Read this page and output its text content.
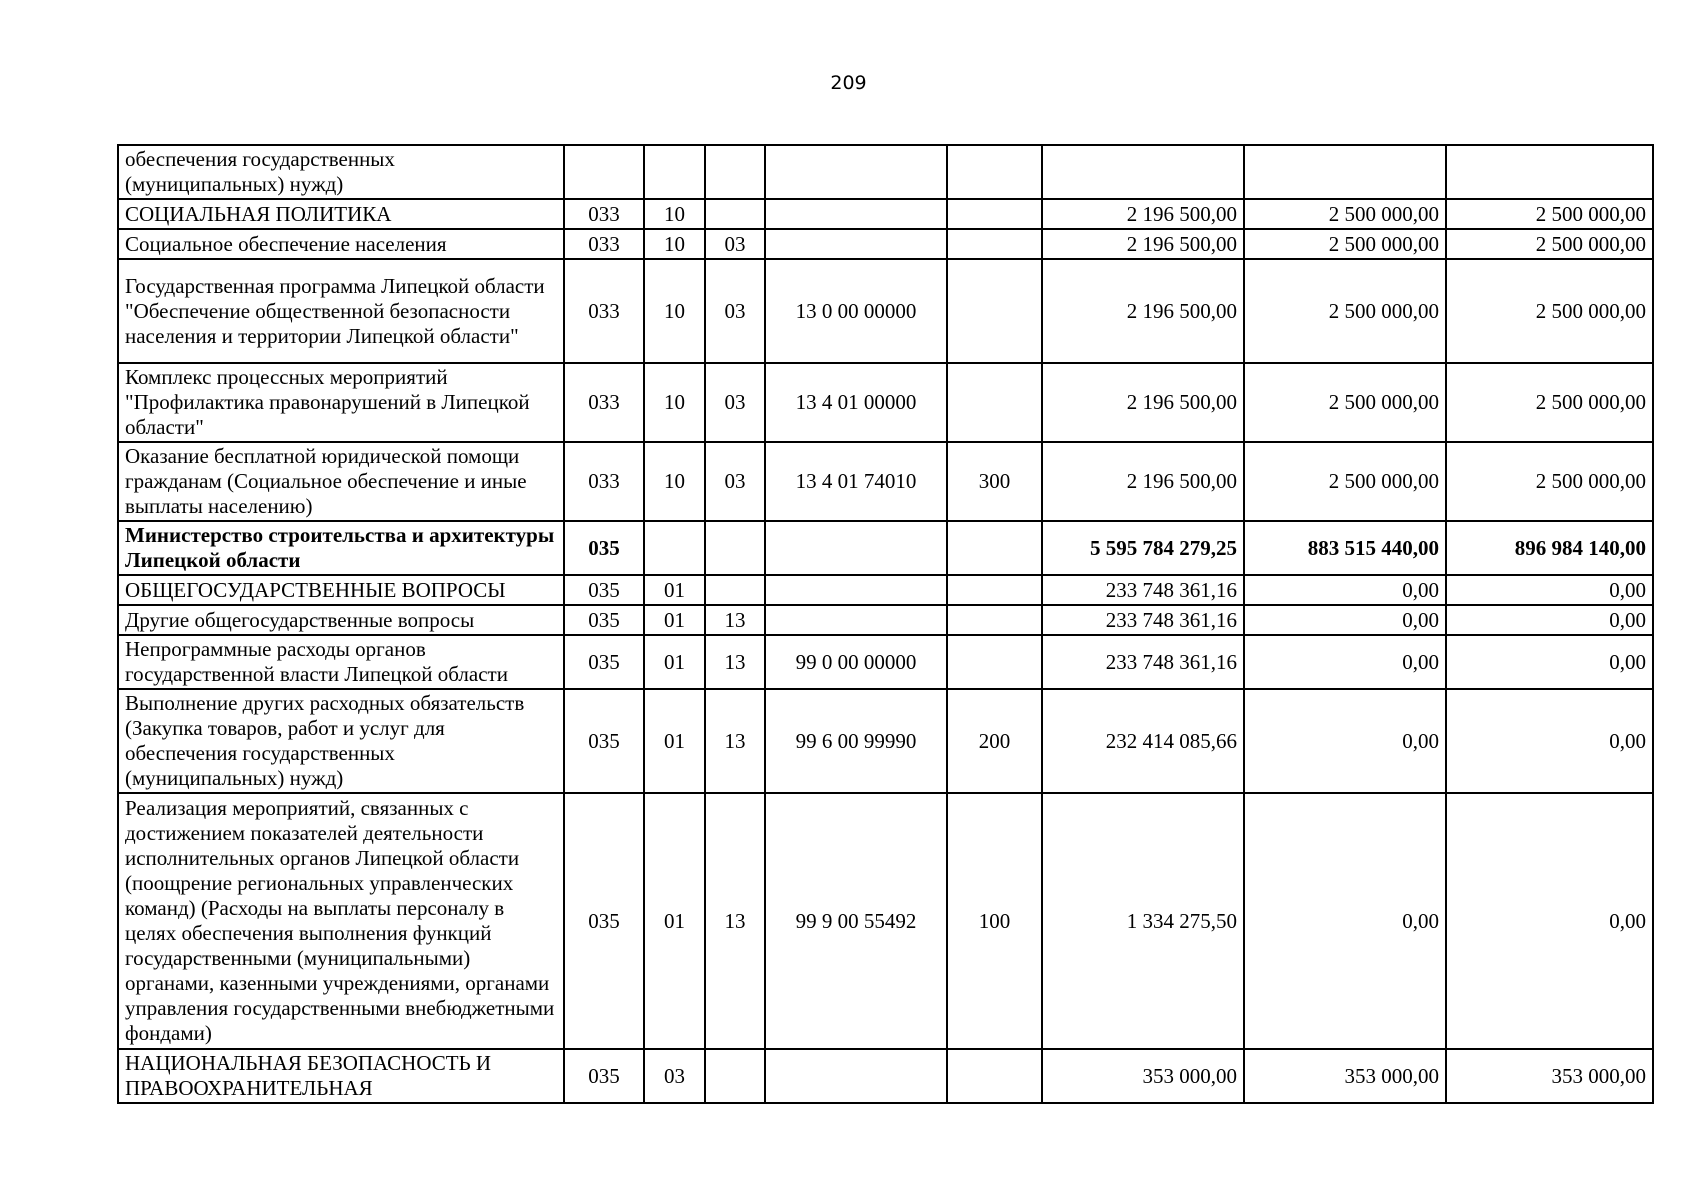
209
обеспечения государственных (муниципальных) нужд)								
СОЦИАЛЬНАЯ ПОЛИТИКА	033	10				2 196 500,00	2 500 000,00	2 500 000,00
Социальное обеспечение населения	033	10	03			2 196 500,00	2 500 000,00	2 500 000,00
Государственная программа Липецкой области "Обеспечение общественной безопасности населения и территории Липецкой области"	033	10	03	13 0 00 00000		2 196 500,00	2 500 000,00	2 500 000,00
Комплекс процессных мероприятий "Профилактика правонарушений в Липецкой области"	033	10	03	13 4 01 00000		2 196 500,00	2 500 000,00	2 500 000,00
Оказание бесплатной юридической помощи гражданам (Социальное обеспечение и иные выплаты населению)	033	10	03	13 4 01 74010	300	2 196 500,00	2 500 000,00	2 500 000,00
Министерство строительства и архитектуры Липецкой области	035					5 595 784 279,25	883 515 440,00	896 984 140,00
ОБЩЕГОСУДАРСТВЕННЫЕ ВОПРОСЫ	035	01				233 748 361,16	0,00	0,00
Другие общегосударственные вопросы	035	01	13			233 748 361,16	0,00	0,00
Непрограммные расходы органов государственной власти Липецкой области	035	01	13	99 0 00 00000		233 748 361,16	0,00	0,00
Выполнение других расходных обязательств (Закупка товаров, работ и услуг для обеспечения государственных (муниципальных) нужд)	035	01	13	99 6 00 99990	200	232 414 085,66	0,00	0,00
Реализация мероприятий, связанных с достижением показателей деятельности исполнительных органов Липецкой области (поощрение региональных управленческих команд) (Расходы на выплаты персоналу в целях обеспечения выполнения функций государственными (муниципальными) органами, казенными учреждениями, органами управления государственными внебюджетными фондами)	035	01	13	99 9 00 55492	100	1 334 275,50	0,00	0,00
НАЦИОНАЛЬНАЯ БЕЗОПАСНОСТЬ И ПРАВООХРАНИТЕЛЬНАЯ	035	03				353 000,00	353 000,00	353 000,00
